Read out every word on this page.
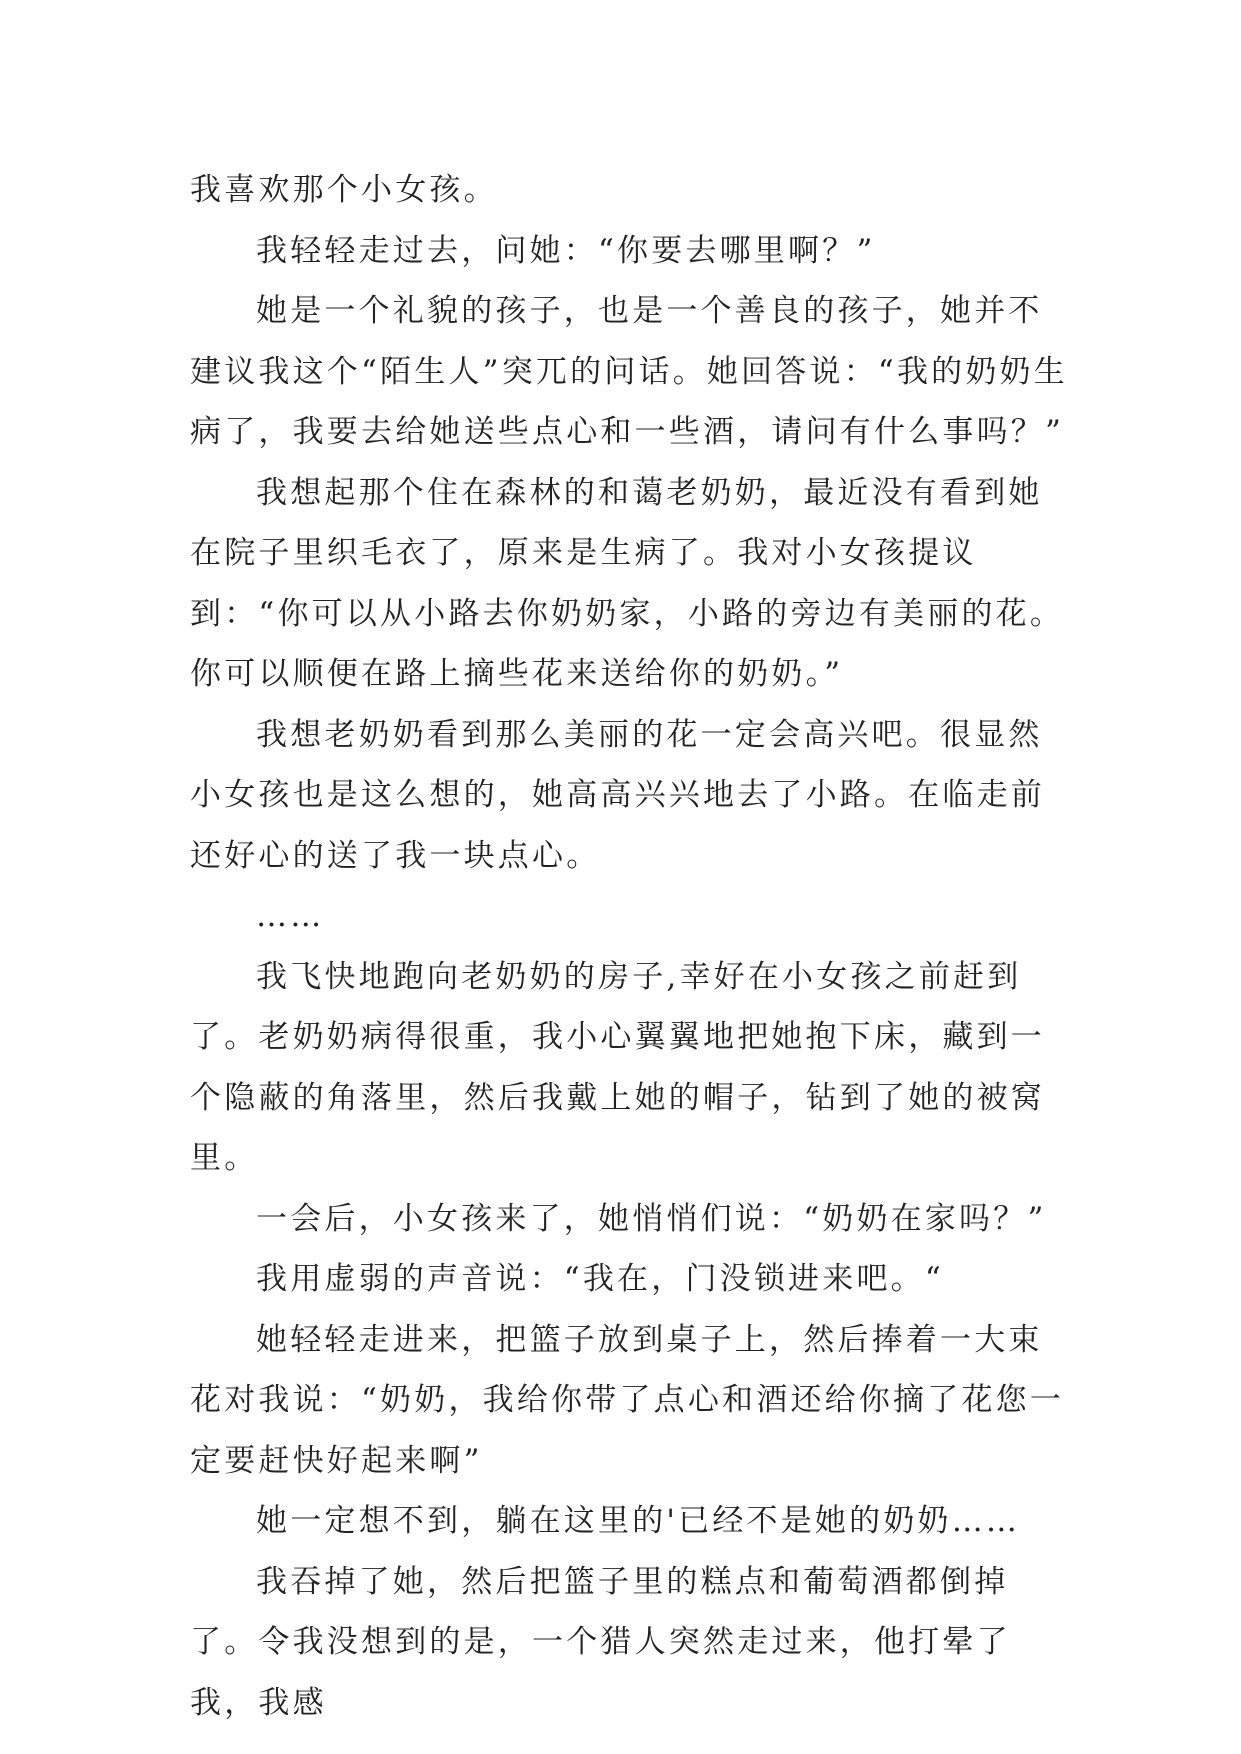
我喜欢那个小女孩。

我轻轻走过去，问她：“你要去哪里啊？”

她是一个礼貌的孩子，也是一个善良的孩子，她并不建议我这个“陌生人”突兀的问话。她回答说：“我的奶奶生病了，我要去给她送些点心和一些酒，请问有什么事吗？”

我想起那个住在森林的和蔼老奶奶，最近没有看到她在院子里织毛衣了，原来是生病了。我对小女孩提议到：“你可以从小路去你奶奶家，小路的旁边有美丽的花。你可以顺便在路上摘些花来送给你的奶奶。”

我想老奶奶看到那么美丽的花一定会高兴吧。很显然小女孩也是这么想的，她高高兴兴地去了小路。在临走前还好心的送了我一块点心。

……

我飞快地跑向老奶奶的房子,幸好在小女孩之前赶到了。老奶奶病得很重，我小心翼翼地把她抱下床，藏到一个隐蔽的角落里，然后我戴上她的帽子，钻到了她的被窝里。

一会后，小女孩来了，她悄悄们说：“奶奶在家吗？”

我用虚弱的声音说：“我在，门没锁进来吧。“

她轻轻走进来，把篮子放到桌子上，然后捧着一大束花对我说：“奶奶，我给你带了点心和酒还给你摘了花您一定要赶快好起来啊”

她一定想不到，躺在这里的'已经不是她的奶奶……

我吞掉了她，然后把篮子里的糕点和葡萄酒都倒掉了。令我没想到的是，一个猎人突然走过来，他打晕了我，我感
